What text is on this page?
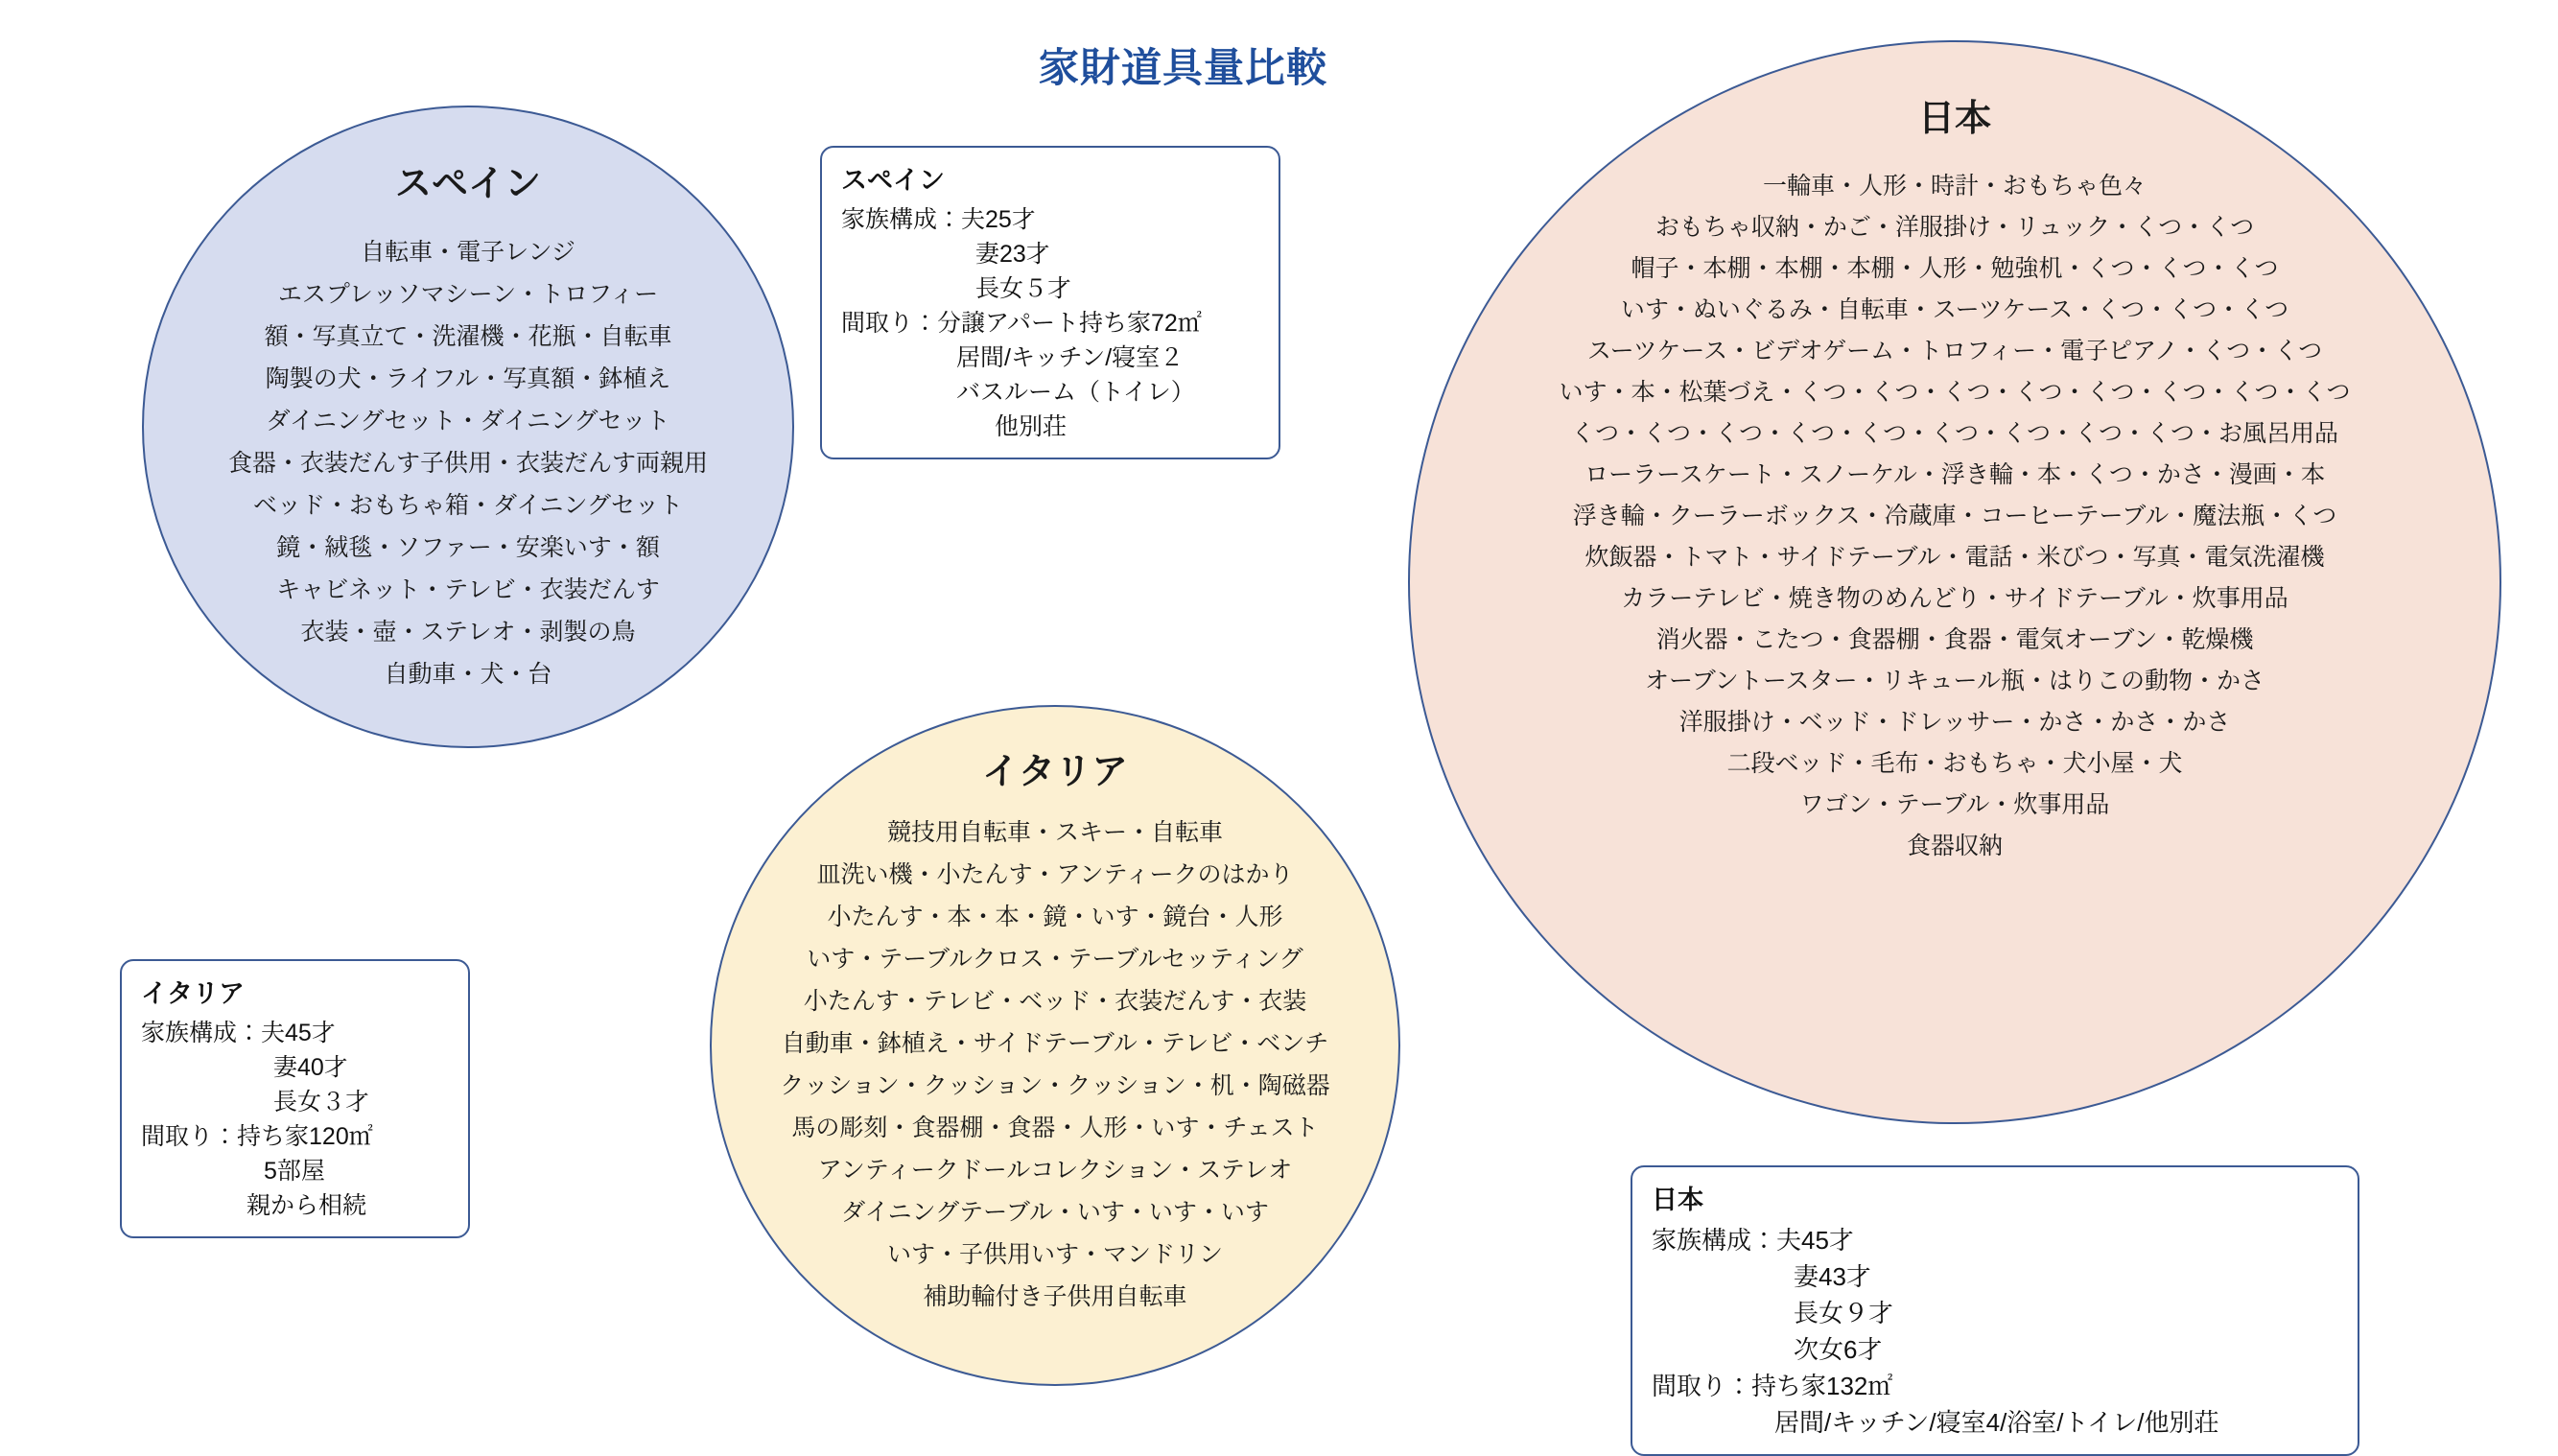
家財道具量比較
スペイン
自転車・電子レンジ
エスプレッソマシーン・トロフィー
額・写真立て・洗濯機・花瓶・自転車
陶製の犬・ライフル・写真額・鉢植え
ダイニングセット・ダイニングセット
食器・衣装だんす子供用・衣装だんす両親用
ベッド・おもちゃ箱・ダイニングセット
鏡・絨毯・ソファー・安楽いす・額
キャビネット・テレビ・衣装だんす
衣装・壺・ステレオ・剥製の鳥
自動車・犬・台
イタリア
競技用自転車・スキー・自転車
皿洗い機・小たんす・アンティークのはかり
小たんす・本・本・鏡・いす・鏡台・人形
いす・テーブルクロス・テーブルセッティング
小たんす・テレビ・ベッド・衣装だんす・衣装
自動車・鉢植え・サイドテーブル・テレビ・ベンチ
クッション・クッション・クッション・机・陶磁器
馬の彫刻・食器棚・食器・人形・いす・チェスト
アンティークドールコレクション・ステレオ
ダイニングテーブル・いす・いす・いす
いす・子供用いす・マンドリン
補助輪付き子供用自転車
日本
一輪車・人形・時計・おもちゃ色々
おもちゃ収納・かご・洋服掛け・リュック・くつ・くつ
帽子・本棚・本棚・本棚・人形・勉強机・くつ・くつ・くつ
いす・ぬいぐるみ・自転車・スーツケース・くつ・くつ・くつ
スーツケース・ビデオゲーム・トロフィー・電子ピアノ・くつ・くつ
いす・本・松葉づえ・くつ・くつ・くつ・くつ・くつ・くつ・くつ・くつ
くつ・くつ・くつ・くつ・くつ・くつ・くつ・くつ・くつ・お風呂用品
ローラースケート・スノーケル・浮き輪・本・くつ・かさ・漫画・本
浮き輪・クーラーボックス・冷蔵庫・コーヒーテーブル・魔法瓶・くつ
炊飯器・トマト・サイドテーブル・電話・米びつ・写真・電気洗濯機
カラーテレビ・焼き物のめんどり・サイドテーブル・炊事用品
消火器・こたつ・食器棚・食器・電気オーブン・乾燥機
オーブントースター・リキュール瓶・はりこの動物・かさ
洋服掛け・ベッド・ドレッサー・かさ・かさ・かさ
二段ベッド・毛布・おもちゃ・犬小屋・犬
ワゴン・テーブル・炊事用品
食器収納
スペイン
家族構成： 夫25才
妻23才
長女５才
間取り： 分譲アパート持ち家72㎡
居間/キッチン/寝室２
バスルーム（トイレ）
他別荘
イタリア
家族構成： 夫45才
妻40才
長女３才
間取り： 持ち家120㎡
5部屋
親から相続	日本
家族構成： 夫45才
妻43才
長女９才
次女6才
間取り： 持ち家132㎡
居間/キッチン/寝室4/浴室/トイレ/他別荘
